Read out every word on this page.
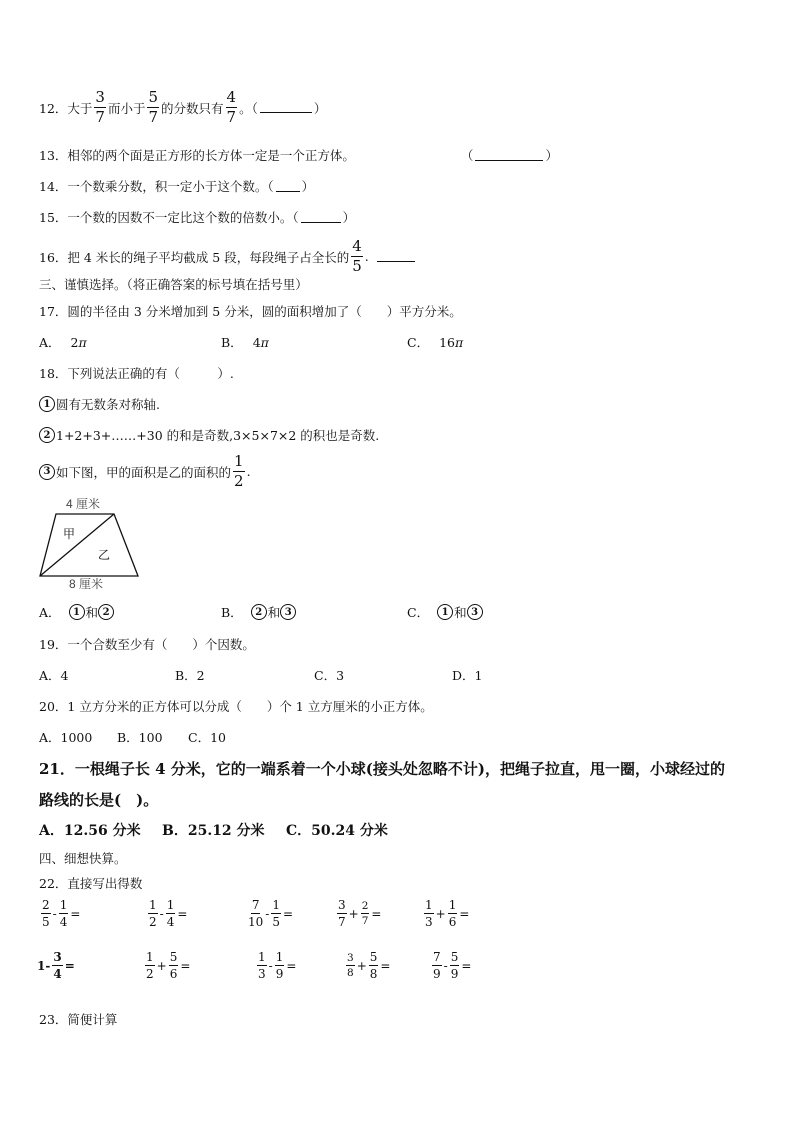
12． 大于 $\frac{3}{7}$ 而小于 $\frac{5}{7}$ 的分数只有 $\frac{4}{7}$ 。（	）
13．相邻的两个面是正方形的长方体一定是一个正方体。	（	）
14．一个数乘分数，积一定小于这个数。（ ）
15．一个数的因数不一定比这个数的倍数小。（	）
16．把 4 米长的绳子平均截成 5 段，每段绳子占全长的 $\frac{4}{5}$ .
三、谨慎选择。（将正确答案的标号填在括号里）
17．圆的半径由 3 分米增加到 5 分米，圆的面积增加了（　　）平方分米。
A． 2π	B． 4π	C． 16π
18．下列说法正确的有（　　　）.
1 圆有无数条对称轴.
2 1+2+3+……+30 的和是奇数,3×5×7×2 的积也是奇数.
3 如下图，甲的面积是乙的面积的 $\frac{1}{2}$ .
4 厘米
甲
乙
8 厘米
A．	1 和 2	B．	2 和 3	C．	1 和 3
19．一个合数至少有（　　）个因数。
A．4	B．2	C．3	D．1
20．1 立方分米的正方体可以分成（　　）个 1 立方厘米的小正方体。
A．1000 B．100 C．10
21．一根绳子长 4 分米，它的一端系着一个小球(接头处忽略不计)，把绳子拉直，甩一圈，小球经过的
路线的长是(　)。
A．12.56 分米 B．25.12 分米 C．50.24 分米
四、细想快算。
22．直接写出得数
$\frac{2}{5} - \frac{1}{4}$ =	$\frac{1}{2} - \frac{1}{4}$ =	$\frac{7}{10} - \frac{1}{5}$ =	$\frac{3}{7} + \frac{2}{7}$ =	$\frac{1}{3} + \frac{1}{6}$ =
$1- \frac{3}{4}$ =	$\frac{1}{2} + \frac{5}{6}$ =	$\frac{1}{3} - \frac{1}{9}$ =	$\frac{3}{8} + \frac{5}{8}$ =	$\frac{7}{9} - \frac{5}{9}$ =
23．简便计算
